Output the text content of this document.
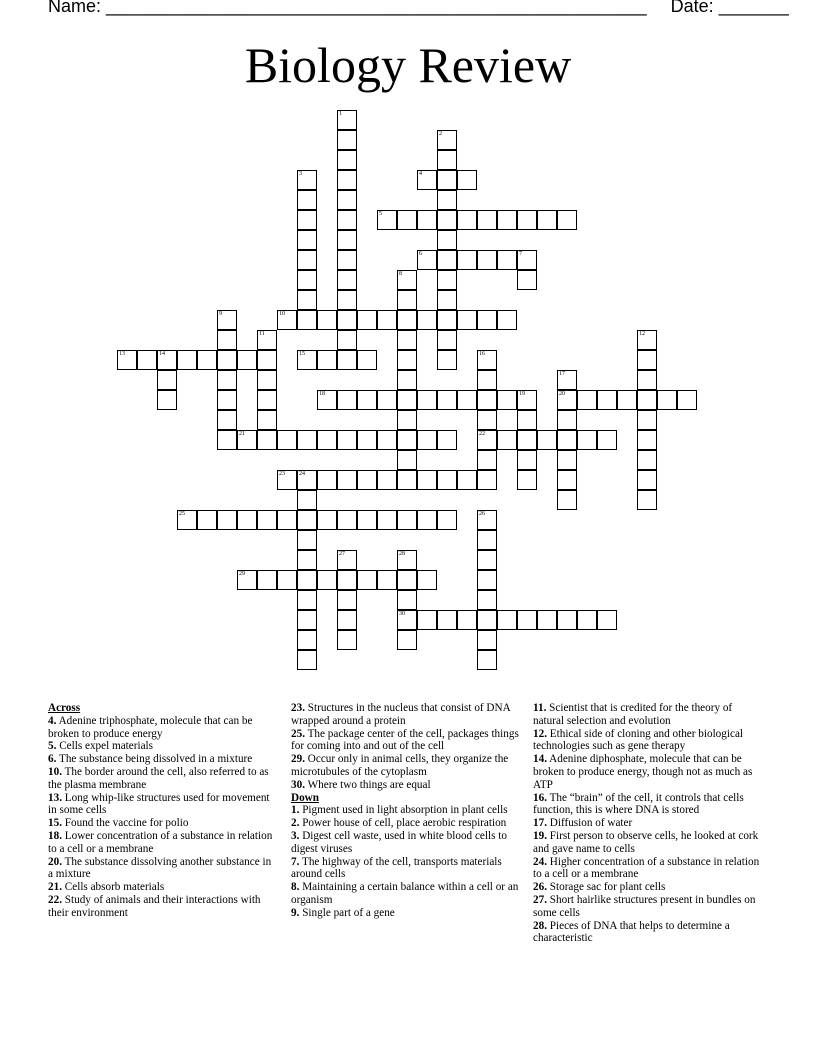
Name: ______________________________________________________ Date: _______
Biology Review
4
5
6	7
10
13	14	15
18	20
21	22
23 24
25
29
30
1
2
3
8
9
11	12
16
17
19
26
27	28
Across
4. Adenine triphosphate, molecule that can be broken to produce energy
5. Cells expel materials
6. The substance being dissolved in a mixture
10. The border around the cell, also referred to as the plasma membrane
13. Long whip-like structures used for movement in some cells
15. Found the vaccine for polio
18. Lower concentration of a substance in relation to a cell or a membrane
20. The substance dissolving another substance in a mixture
21. Cells absorb materials
22. Study of animals and their interactions with their environment
23. Structures in the nucleus that consist of DNA wrapped around a protein
25. The package center of the cell, packages things for coming into and out of the cell
29. Occur only in animal cells, they organize the microtubules of the cytoplasm
30. Where two things are equal
Down
1. Pigment used in light absorption in plant cells
2. Power house of cell, place aerobic respiration
3. Digest cell waste, used in white blood cells to digest viruses
7. The highway of the cell, transports materials around cells
8. Maintaining a certain balance within a cell or an organism
9. Single part of a gene
11. Scientist that is credited for the theory of natural selection and evolution
12. Ethical side of cloning and other biological technologies such as gene therapy
14. Adenine diphosphate, molecule that can be broken to produce energy, though not as much as ATP
16. The “brain” of the cell, it controls that cells function, this is where DNA is stored
17. Diffusion of water
19. First person to observe cells, he looked at cork and gave name to cells
24. Higher concentration of a substance in relation to a cell or a membrane
26. Storage sac for plant cells
27. Short hairlike structures present in bundles on some cells
28. Pieces of DNA that helps to determine a characteristic
